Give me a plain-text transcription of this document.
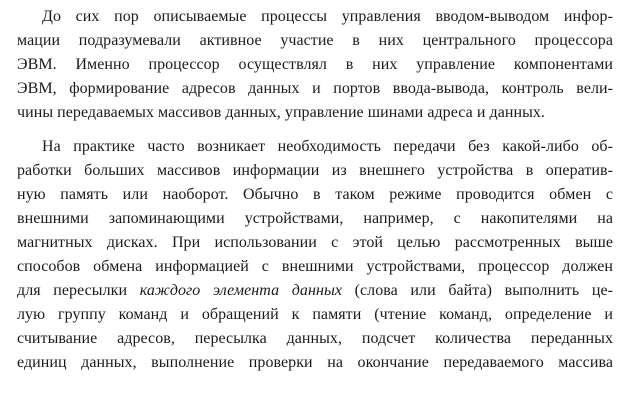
До сих пор описываемые процессы управления вводом-выводом инфор-
мации подразумевали активное участие в них центрального процессора
ЭВМ. Именно процессор осуществлял в них управление компонентами
ЭВМ, формирование адресов данных и портов ввода-вывода, контроль вели-
чины передаваемых массивов данных, управление шинами адреса и данных.
На практике часто возникает необходимость передачи без какой-либо об-
работки больших массивов информации из внешнего устройства в оператив-
ную память или наоборот. Обычно в таком режиме проводится обмен с
внешними запоминающими устройствами, например, с накопителями на
магнитных дисках. При использовании с этой целью рассмотренных выше
способов обмена информацией с внешними устройствами, процессор должен
для пересылки каждого элемента данных (слова или байта) выполнить це-
лую группу команд и обращений к памяти (чтение команд, определение и
считывание адресов, пересылка данных, подсчет количества переданных
единиц данных, выполнение проверки на окончание передаваемого массива
